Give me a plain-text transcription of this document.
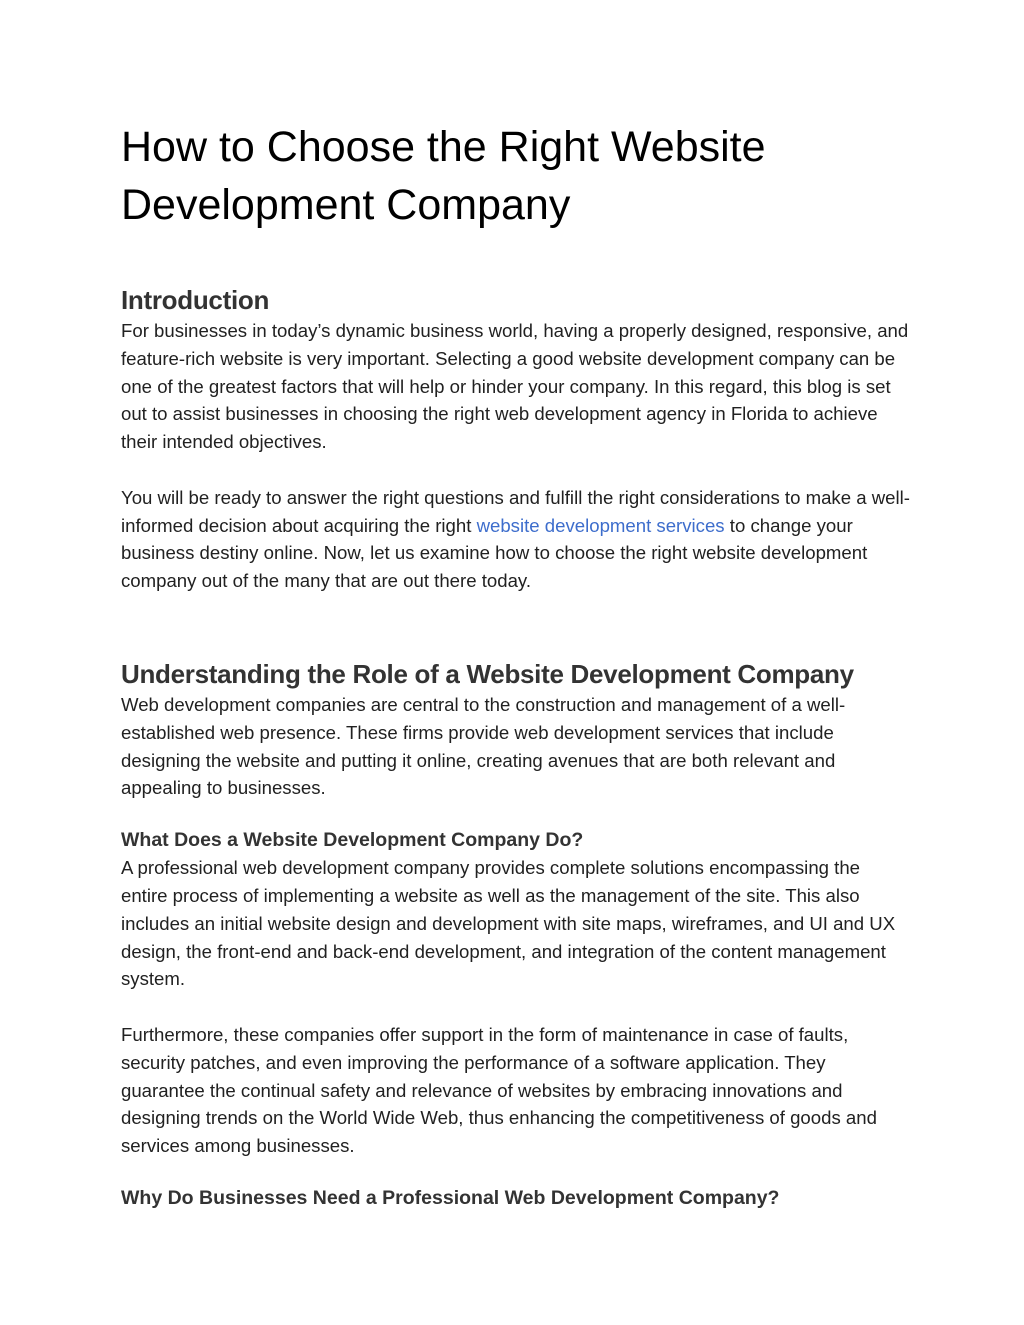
How to Choose the Right Website Development Company
Introduction

For businesses in today’s dynamic business world, having a properly designed, responsive, and feature-rich website is very important. Selecting a good website development company can be one of the greatest factors that will help or hinder your company. In this regard, this blog is set out to assist businesses in choosing the right web development agency in Florida to achieve their intended objectives.

You will be ready to answer the right questions and fulfill the right considerations to make a well-informed decision about acquiring the right website development services to change your business destiny online. Now, let us examine how to choose the right website development company out of the many that are out there today.

Understanding the Role of a Website Development Company

Web development companies are central to the construction and management of a well-established web presence. These firms provide web development services that include designing the website and putting it online, creating avenues that are both relevant and appealing to businesses.

What Does a Website Development Company Do?

A professional web development company provides complete solutions encompassing the entire process of implementing a website as well as the management of the site. This also includes an initial website design and development with site maps, wireframes, and UI and UX design, the front-end and back-end development, and integration of the content management system.

Furthermore, these companies offer support in the form of maintenance in case of faults, security patches, and even improving the performance of a software application. They guarantee the continual safety and relevance of websites by embracing innovations and designing trends on the World Wide Web, thus enhancing the competitiveness of goods and services among businesses.

Why Do Businesses Need a Professional Web Development Company?
